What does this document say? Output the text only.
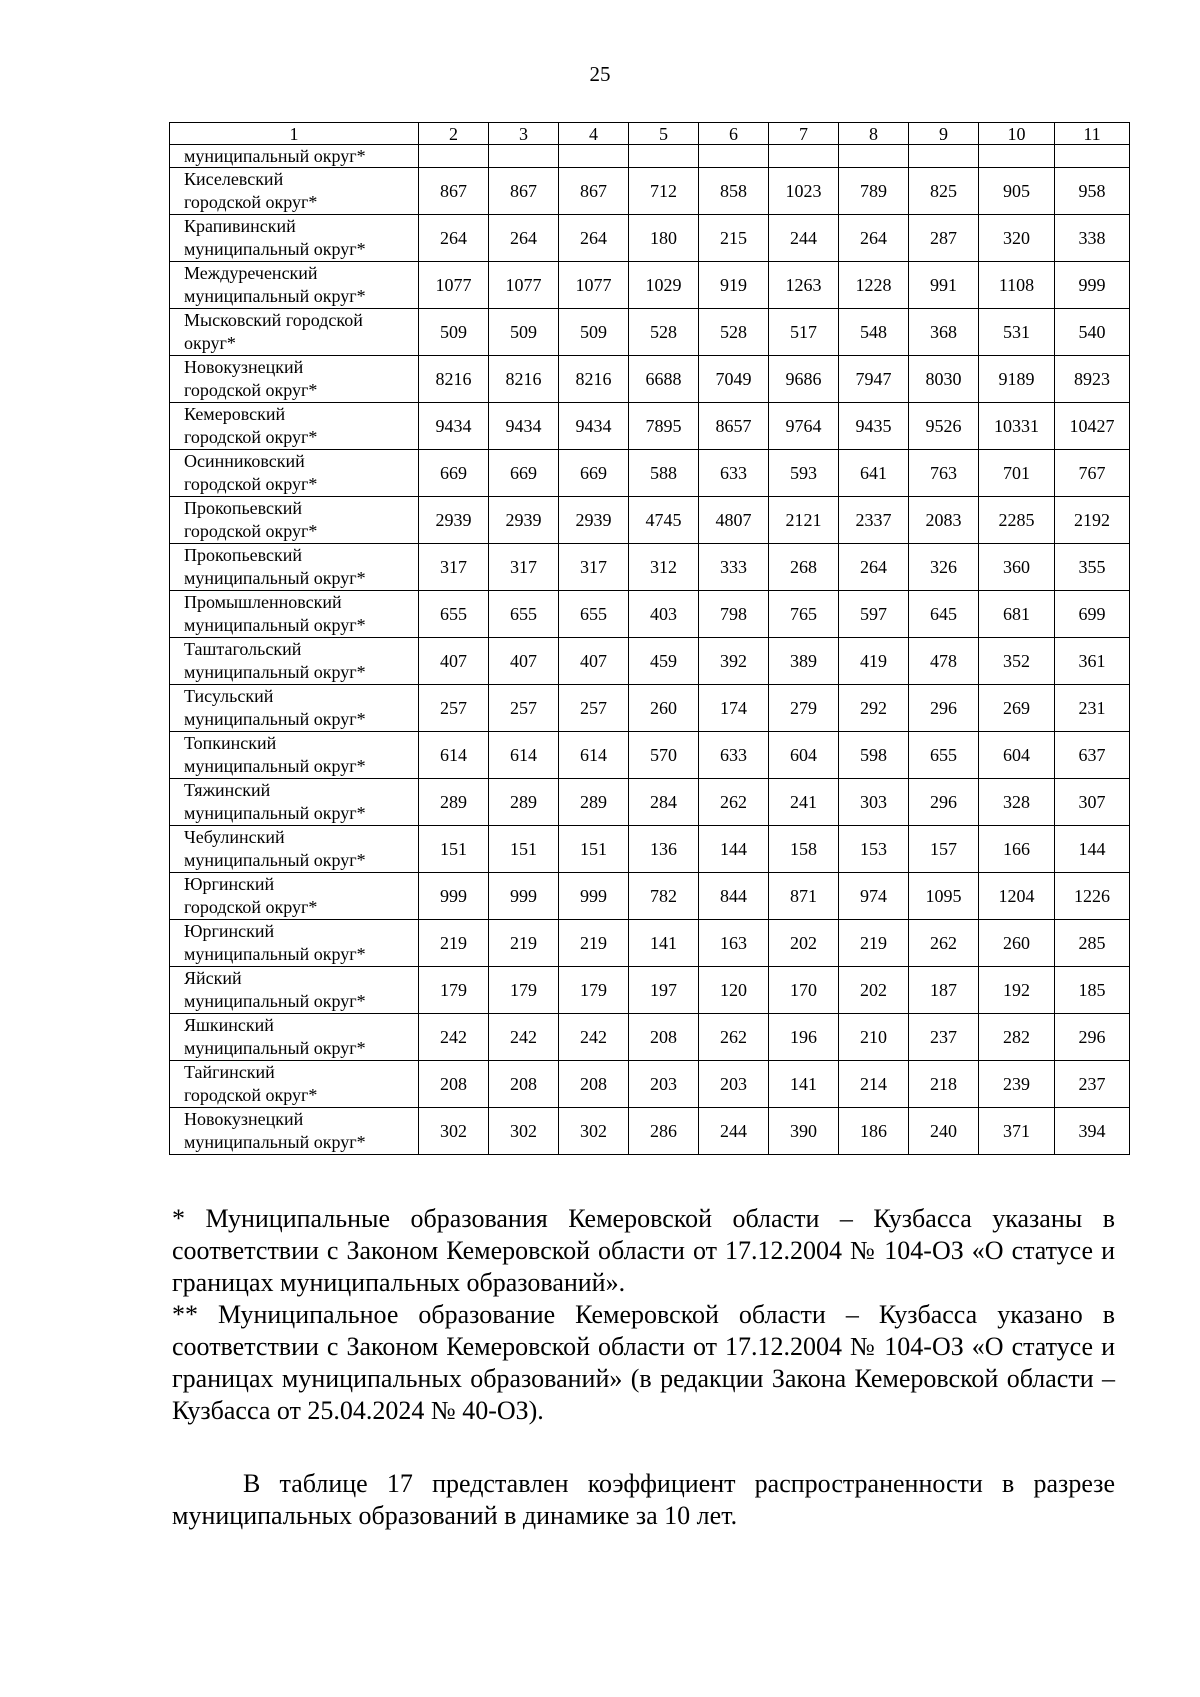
25
1	2	3	4	5	6	7	8	9	10	11
муниципальный округ*										
Киселевский
городской округ*	867	867	867	712	858	1023	789	825	905	958
Крапивинский
муниципальный округ*	264	264	264	180	215	244	264	287	320	338
Междуреченский
муниципальный округ*	1077	1077	1077	1029	919	1263	1228	991	1108	999
Мысковский городской
округ*	509	509	509	528	528	517	548	368	531	540
Новокузнецкий
городской округ*	8216	8216	8216	6688	7049	9686	7947	8030	9189	8923
Кемеровский
городской округ*	9434	9434	9434	7895	8657	9764	9435	9526	10331	10427
Осинниковский
городской округ*	669	669	669	588	633	593	641	763	701	767
Прокопьевский
городской округ*	2939	2939	2939	4745	4807	2121	2337	2083	2285	2192
Прокопьевский
муниципальный округ*	317	317	317	312	333	268	264	326	360	355
Промышленновский
муниципальный округ*	655	655	655	403	798	765	597	645	681	699
Таштагольский
муниципальный округ*	407	407	407	459	392	389	419	478	352	361
Тисульский
муниципальный округ*	257	257	257	260	174	279	292	296	269	231
Топкинский
муниципальный округ*	614	614	614	570	633	604	598	655	604	637
Тяжинский
муниципальный округ*	289	289	289	284	262	241	303	296	328	307
Чебулинский
муниципальный округ*	151	151	151	136	144	158	153	157	166	144
Юргинский
городской округ*	999	999	999	782	844	871	974	1095	1204	1226
Юргинский
муниципальный округ*	219	219	219	141	163	202	219	262	260	285
Яйский
муниципальный округ*	179	179	179	197	120	170	202	187	192	185
Яшкинский
муниципальный округ*	242	242	242	208	262	196	210	237	282	296
Тайгинский
городской округ*	208	208	208	203	203	141	214	218	239	237
Новокузнецкий
муниципальный округ*	302	302	302	286	244	390	186	240	371	394

* Муниципальные образования Кемеровской области – Кузбасса указаны в соответствии с Законом Кемеровской области от 17.12.2004 № 104-ОЗ «О статусе и границах муниципальных образований».

** Муниципальное образование Кемеровской области – Кузбасса указано в соответствии с Законом Кемеровской области от 17.12.2004 № 104-ОЗ «О статусе и границах муниципальных образований» (в редакции Закона Кемеровской области – Кузбасса от 25.04.2024 № 40-ОЗ).

В таблице 17 представлен коэффициент распространенности в разрезе муниципальных образований в динамике за 10 лет.
